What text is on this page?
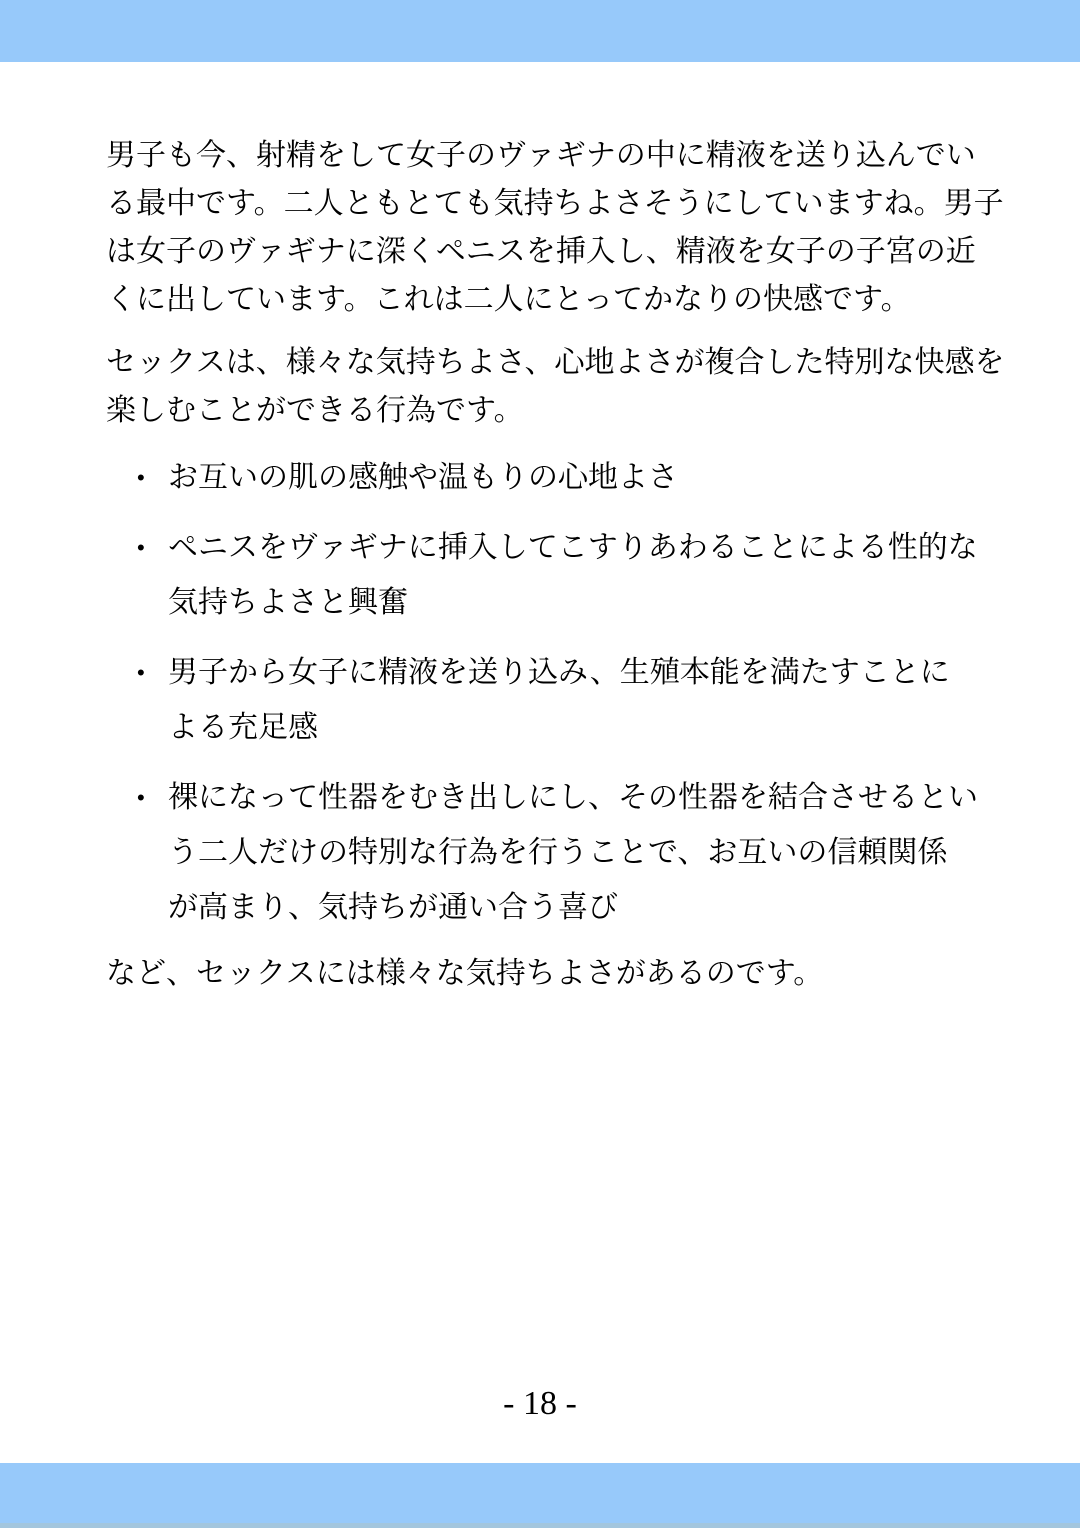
男子も今、射精をして女子のヴァギナの中に精液を送り込んでい
る最中です。二人ともとても気持ちよさそうにしていますね。男子
は女子のヴァギナに深くペニスを挿入し、精液を女子の子宮の近
くに出しています。これは二人にとってかなりの快感です。

セックスは、様々な気持ちよさ、心地よさが複合した特別な快感を
楽しむことができる行為です。

• お互いの肌の感触や温もりの心地よさ
• ペニスをヴァギナに挿入してこすりあわることによる性的な
気持ちよさと興奮
• 男子から女子に精液を送り込み、生殖本能を満たすことに
よる充足感
• 裸になって性器をむき出しにし、その性器を結合させるとい
う二人だけの特別な行為を行うことで、お互いの信頼関係
が高まり、気持ちが通い合う喜び

など、セックスには様々な気持ちよさがあるのです。

- 18 -
